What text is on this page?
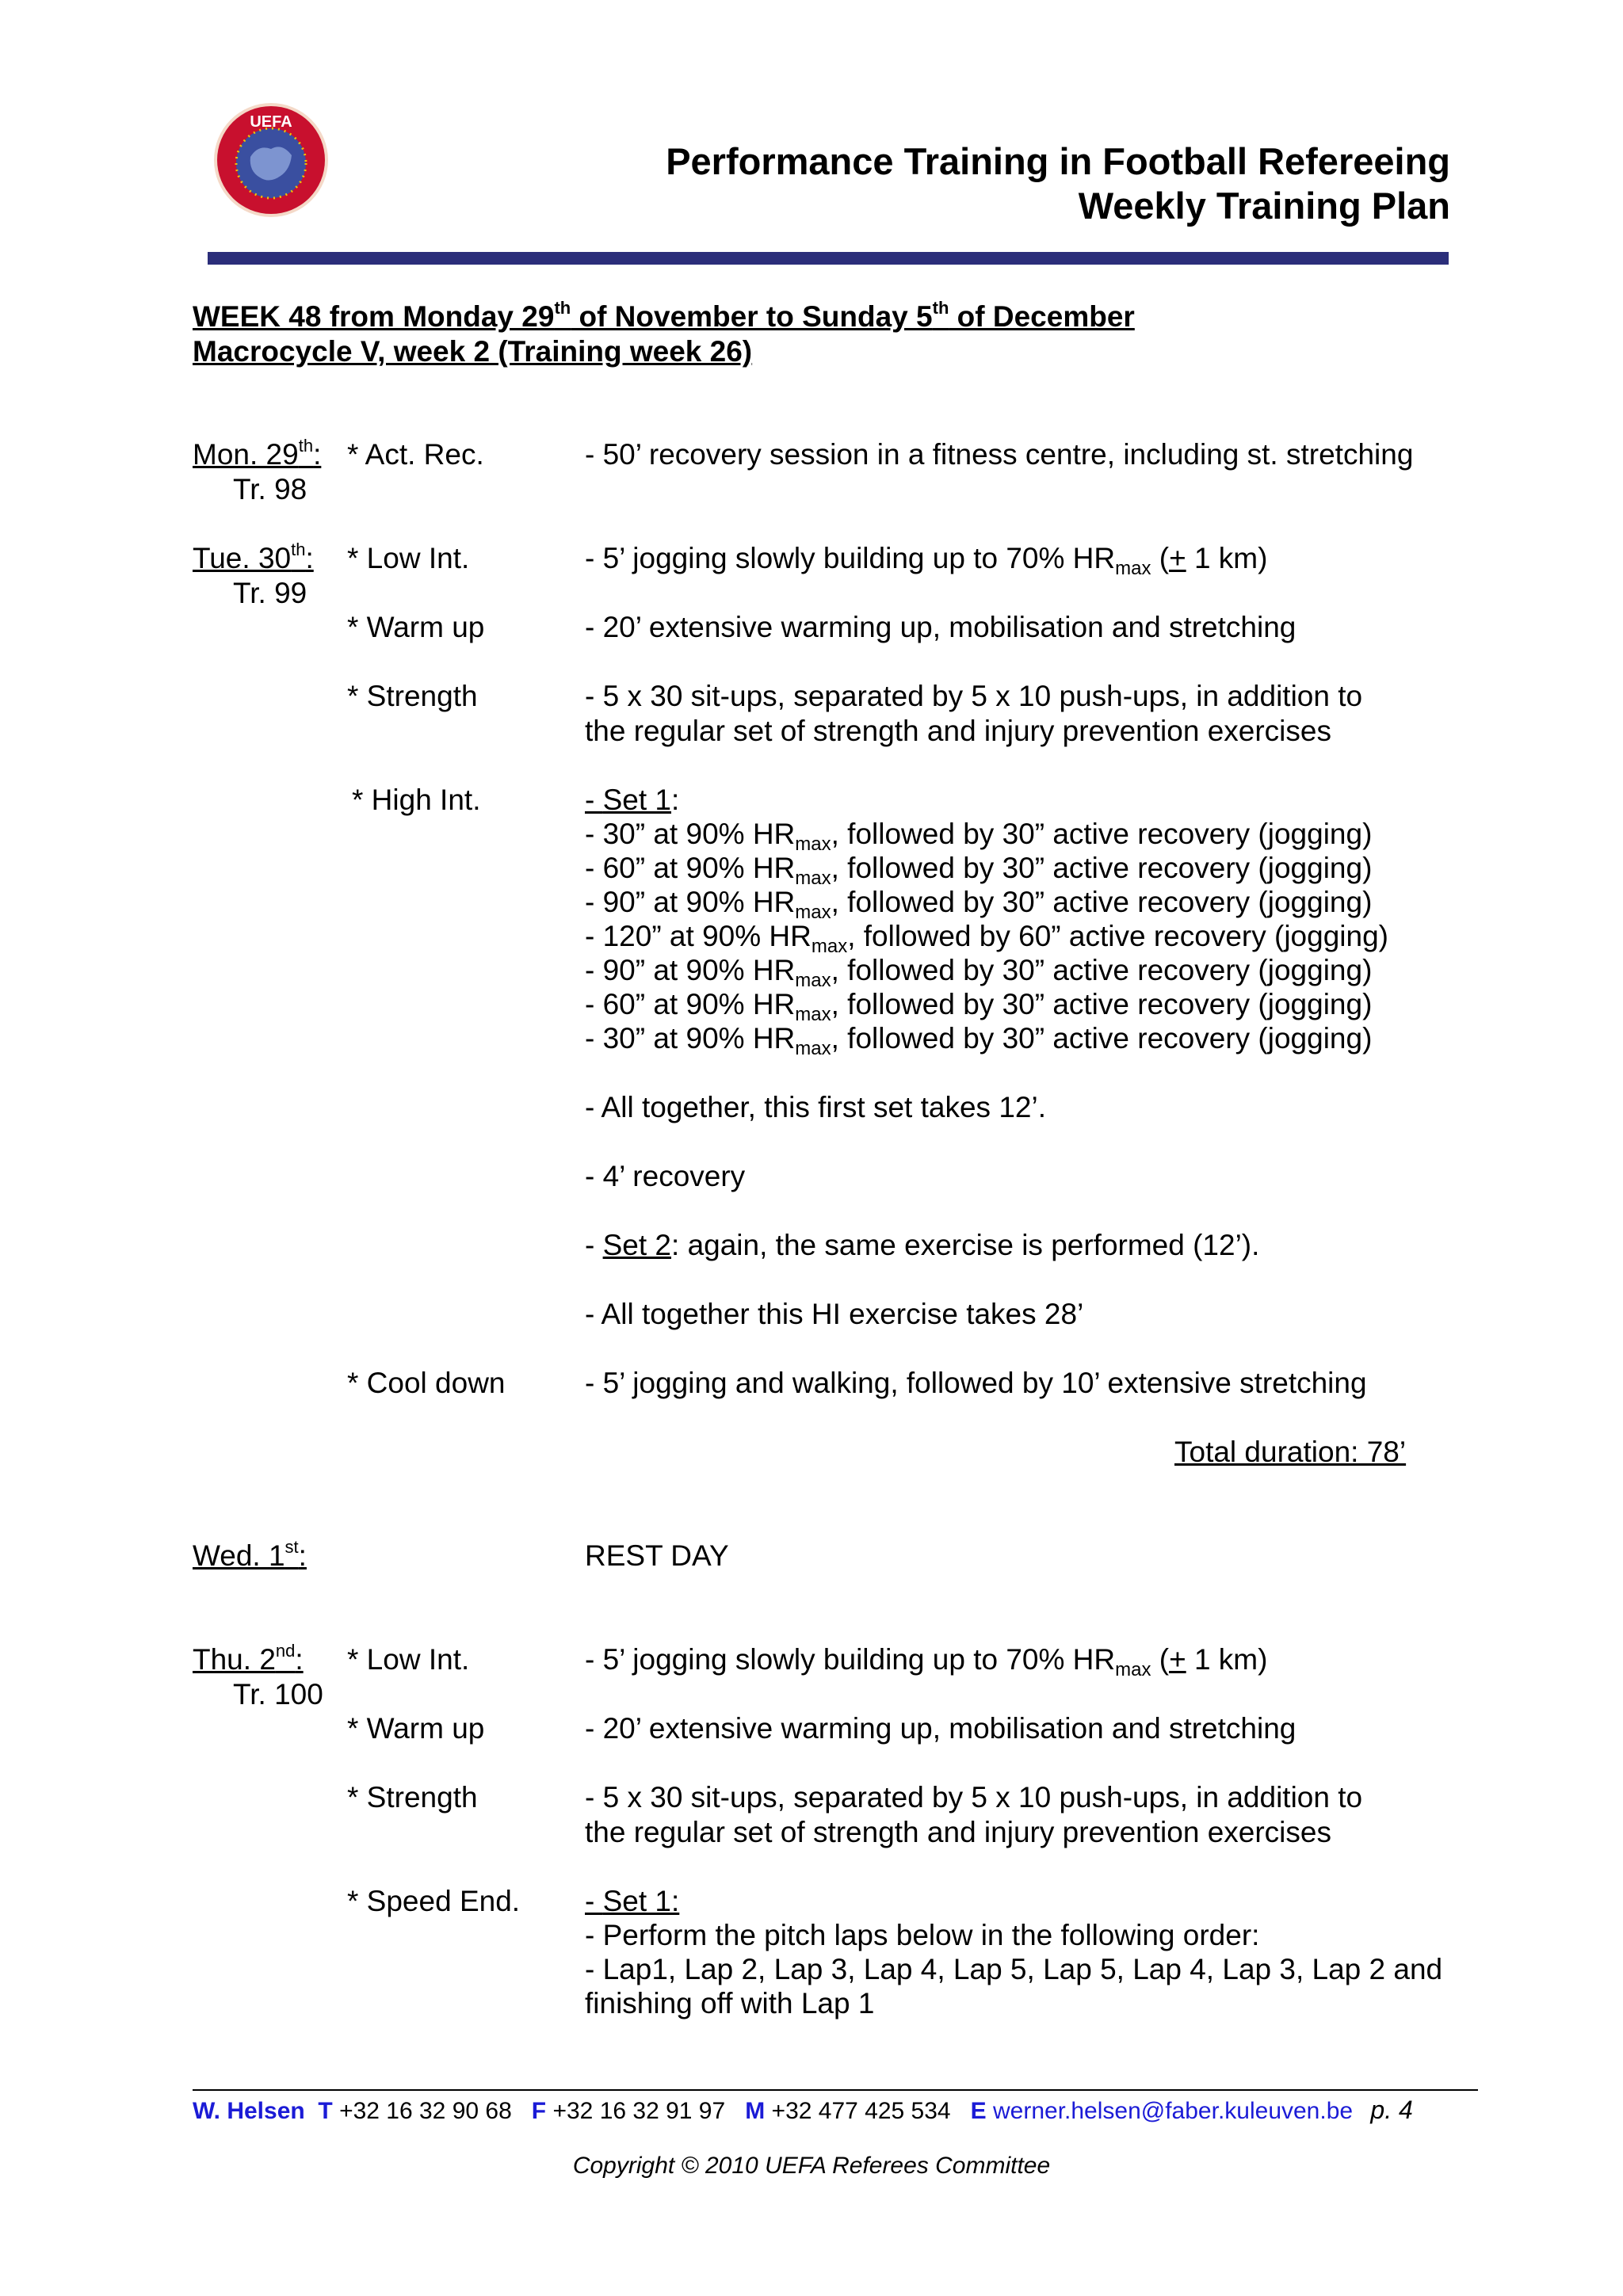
UEFA
Performance Training in Football Refereeing
Weekly Training Plan
WEEK 48 from Monday 29th of November to Sunday 5th of December
Macrocycle V, week 2 (Training week 26)
Mon. 29th:
Tr. 98
* Act. Rec.	- 50’ recovery session in a fitness centre, including st. stretching
Tue. 30th:
Tr. 99
* Low Int.	- 5’ jogging slowly building up to 70% $HR_{max}$ (+ 1 km)
* Warm up	- 20’ extensive warming up, mobilisation and stretching
* Strength	- 5 x 30 sit-ups, separated by 5 x 10 push-ups, in addition to
the regular set of strength and injury prevention exercises
* High Int.	- Set 1:
- 30” at 90% $HR_{max}$, followed by 30” active recovery (jogging)
- 60” at 90% $HR_{max}$, followed by 30” active recovery (jogging)
- 90” at 90% $HR_{max}$, followed by 30” active recovery (jogging)
- 120” at 90% $HR_{max}$, followed by 60” active recovery (jogging)
- 90” at 90% $HR_{max}$, followed by 30” active recovery (jogging)
- 60” at 90% $HR_{max}$, followed by 30” active recovery (jogging)
- 30” at 90% $HR_{max}$, followed by 30” active recovery (jogging)
- All together, this first set takes 12’.
- 4’ recovery
- Set 2: again, the same exercise is performed (12’).
- All together this HI exercise takes 28’
* Cool down	- 5’ jogging and walking, followed by 10’ extensive stretching
Total duration: 78’
Wed. 1st:	REST DAY
Thu. 2nd:
Tr. 100
* Low Int.	- 5’ jogging slowly building up to 70% $HR_{max}$ (+ 1 km)
* Warm up	- 20’ extensive warming up, mobilisation and stretching
* Strength	- 5 x 30 sit-ups, separated by 5 x 10 push-ups, in addition to
the regular set of strength and injury prevention exercises
* Speed End. - Set 1:
- Perform the pitch laps below in the following order:
- Lap1, Lap 2, Lap 3, Lap 4, Lap 5, Lap 5, Lap 4, Lap 3, Lap 2 and
finishing off with Lap 1
W. Helsen T +32 16 32 90 68 F +32 16 32 91 97 M +32 477 425 534 E werner.helsen@faber.kuleuven.be p. 4
Copyright © 2010 UEFA Referees Committee
